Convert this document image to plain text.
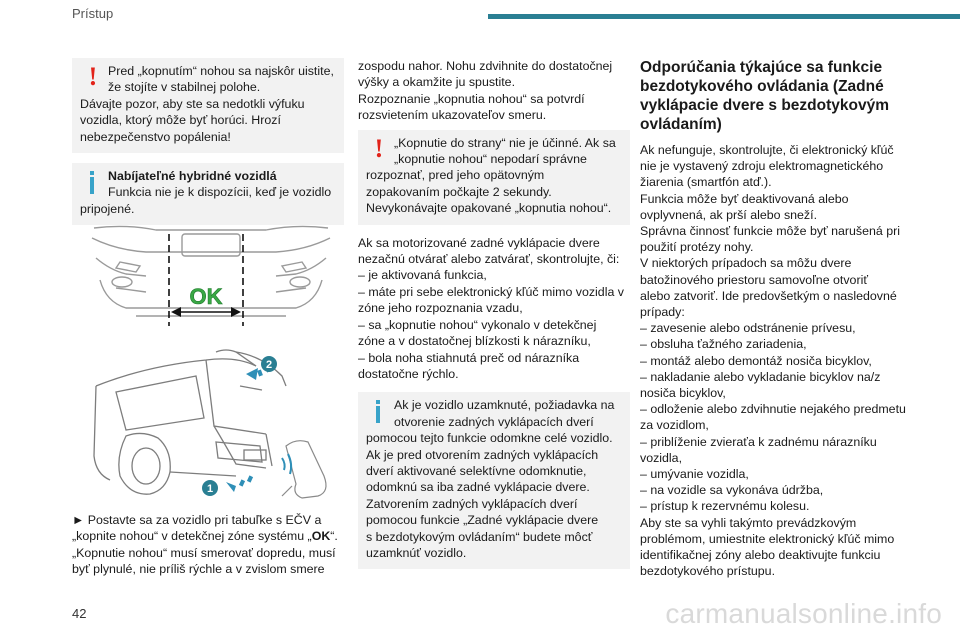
Prístup
! Pred „kopnutím“ nohou sa najskôr uistite,
že stojíte v stabilnej polohe.
Dávajte pozor, aby ste sa nedotkli výfuku
vozidla, ktorý môže byť horúci. Hrozí
nebezpečenstvo popálenia!
Nabíjateľné hybridné vozidlá
Funkcia nie je k dispozícii, keď je vozidlo
pripojené.
OK
2
1
► Postavte sa za vozidlo pri tabuľke s EČV a
„kopnite nohou“ v detekčnej zóne systému „OK“.
„Kopnutie nohou“ musí smerovať dopredu, musí
byť plynulé, nie príliš rýchle a v zvislom smere
zospodu nahor. Nohu zdvihnite do dostatočnej
výšky a okamžite ju spustite.
Rozpoznanie „kopnutia nohou“ sa potvrdí
rozsvietením ukazovateľov smeru.
! „Kopnutie do strany“ nie je účinné. Ak sa
„kopnutie nohou“ nepodarí správne
rozpoznať, pred jeho opätovným
zopakovaním počkajte 2 sekundy.
Nevykonávajte opakované „kopnutia nohou“.
Ak sa motorizované zadné vyklápacie dvere
nezačnú otvárať alebo zatvárať, skontrolujte, či:
– je aktivovaná funkcia,
– máte pri sebe elektronický kľúč mimo vozidla v
zóne jeho rozpoznania vzadu,
– sa „kopnutie nohou“ vykonalo v detekčnej
zóne a v dostatočnej blízkosti k nárazníku,
– bola noha stiahnutá preč od nárazníka
dostatočne rýchlo.
Ak je vozidlo uzamknuté, požiadavka na
otvorenie zadných vyklápacích dverí
pomocou tejto funkcie odomkne celé vozidlo.
Ak je pred otvorením zadných vyklápacích
dverí aktivované selektívne odomknutie,
odomknú sa iba zadné vyklápacie dvere.
Zatvorením zadných vyklápacích dverí
pomocou funkcie „Zadné vyklápacie dvere
s bezdotykovým ovládaním“ budete môcť
uzamknúť vozidlo.
Odporúčania týkajúce sa funkcie
bezdotykového ovládania (Zadné
vyklápacie dvere s bezdotykovým
ovládaním)
Ak nefunguje, skontrolujte, či elektronický kľúč
nie je vystavený zdroju elektromagnetického
žiarenia (smartfón atď.).
Funkcia môže byť deaktivovaná alebo
ovplyvnená, ak prší alebo sneží.
Správna činnosť funkcie môže byť narušená pri
použití protézy nohy.
V niektorých prípadoch sa môžu dvere
batožinového priestoru samovoľne otvoriť
alebo zatvoriť. Ide predovšetkým o nasledovné
prípady:
– zavesenie alebo odstránenie prívesu,
– obsluha ťažného zariadenia,
– montáž alebo demontáž nosiča bicyklov,
– nakladanie alebo vykladanie bicyklov na/z
nosiča bicyklov,
– odloženie alebo zdvihnutie nejakého predmetu
za vozidlom,
– priblíženie zvieraťa k zadnému nárazníku
vozidla,
– umývanie vozidla,
– na vozidle sa vykonáva údržba,
– prístup k rezervnému kolesu.
Aby ste sa vyhli takýmto prevádzkovým
problémom, umiestnite elektronický kľúč mimo
identifikačnej zóny alebo deaktivujte funkciu
bezdotykového prístupu.
42	carmanualsonline.info
